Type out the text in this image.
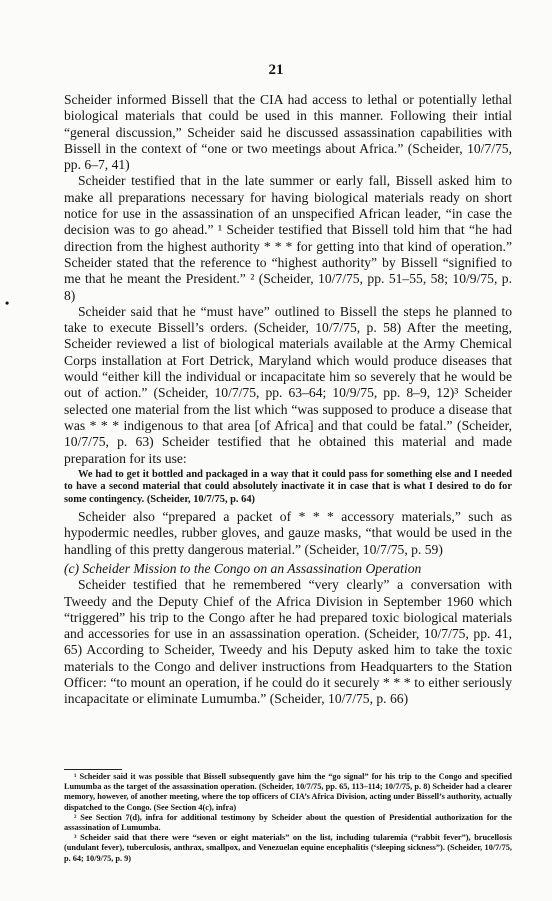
21
•

Scheider informed Bissell that the CIA had access to lethal or potentially lethal biological materials that could be used in this manner. Following their intial “general discussion,” Scheider said he discussed assassination capabilities with Bissell in the context of “one or two meetings about Africa.” (Scheider, 10/7/75, pp. 6–7, 41)

Scheider testified that in the late summer or early fall, Bissell asked him to make all preparations necessary for having biological materials ready on short notice for use in the assassination of an unspecified African leader, “in case the decision was to go ahead.” ¹ Scheider testified that Bissell told him that “he had direction from the highest authority * * * for getting into that kind of operation.” Scheider stated that the reference to “highest authority” by Bissell “signified to me that he meant the President.” ² (Scheider, 10/7/75, pp. 51–55, 58; 10/9/75, p. 8)

Scheider said that he “must have” outlined to Bissell the steps he planned to take to execute Bissell’s orders. (Scheider, 10/7/75, p. 58) After the meeting, Scheider reviewed a list of biological materials available at the Army Chemical Corps installation at Fort Detrick, Maryland which would produce diseases that would “either kill the individual or incapacitate him so severely that he would be out of action.” (Scheider, 10/7/75, pp. 63–64; 10/9/75, pp. 8–9, 12)³ Scheider selected one material from the list which “was supposed to produce a disease that was * * * indigenous to that area [of Africa] and that could be fatal.” (Scheider, 10/7/75, p. 63) Scheider testified that he obtained this material and made preparation for its use:

We had to get it bottled and packaged in a way that it could pass for something else and I needed to have a second material that could absolutely inactivate it in case that is what I desired to do for some contingency. (Scheider, 10/7/75, p. 64)

Scheider also “prepared a packet of * * * accessory materials,” such as hypodermic needles, rubber gloves, and gauze masks, “that would be used in the handling of this pretty dangerous material.” (Scheider, 10/7/75, p. 59)

(c) Scheider Mission to the Congo on an Assassination Operation

Scheider testified that he remembered “very clearly” a conversation with Tweedy and the Deputy Chief of the Africa Division in September 1960 which “triggered” his trip to the Congo after he had prepared toxic biological materials and accessories for use in an assassination operation. (Scheider, 10/7/75, pp. 41, 65) According to Scheider, Tweedy and his Deputy asked him to take the toxic materials to the Congo and deliver instructions from Headquarters to the Station Officer: “to mount an operation, if he could do it securely * * * to either seriously incapacitate or eliminate Lumumba.” (Scheider, 10/7/75, p. 66)

¹ Scheider said it was possible that Bissell subsequently gave him the “go signal” for his trip to the Congo and specified Lumumba as the target of the assassination operation. (Scheider, 10/7/75, pp. 65, 113–114; 10/7/75, p. 8) Scheider had a clearer memory, however, of another meeting, where the top officers of CIA’s Africa Division, acting under Bissell’s authority, actually dispatched to the Congo. (See Section 4(c), infra)

² See Section 7(d), infra for additional testimony by Scheider about the question of Presidential authorization for the assassination of Lumumba.

³ Scheider said that there were “seven or eight materials” on the list, including tularemia (“rabbit fever”), brucellosis (undulant fever), tuberculosis, anthrax, smallpox, and Venezuelan equine encephalitis (‘sleeping sickness”). (Scheider, 10/7/75, p. 64; 10/9/75, p. 9)
